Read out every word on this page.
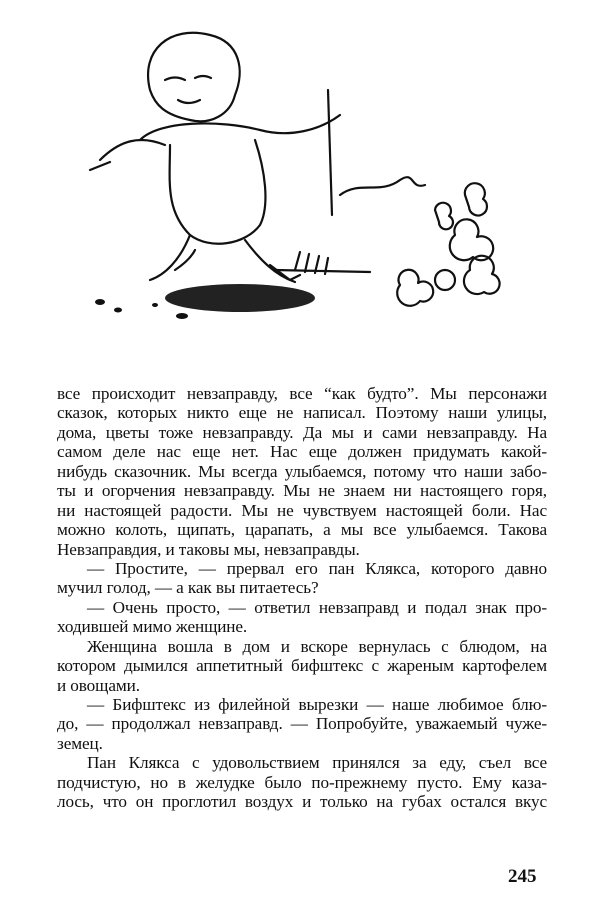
все происходит невзаправду, все “как будто”. Мы персонажи
сказок, которых никто еще не написал. Поэтому наши улицы,
дома, цветы тоже невзаправду. Да мы и сами невзаправду. На
самом деле нас еще нет. Нас еще должен придумать какой-
нибудь сказочник. Мы всегда улыбаемся, потому что наши забо-
ты и огорчения невзаправду. Мы не знаем ни настоящего горя,
ни настоящей радости. Мы не чувствуем настоящей боли. Нас
можно колоть, щипать, царапать, а мы все улыбаемся. Такова
Невзаправдия, и таковы мы, невзаправды.
— Простите, — прервал его пан Клякса, которого давно
мучил голод, — а как вы питаетесь?
— Очень просто, — ответил невзаправд и подал знак про-
ходившей мимо женщине.
Женщина вошла в дом и вскоре вернулась с блюдом, на
котором дымился аппетитный бифштекс с жареным картофелем
и овощами.
— Бифштекс из филейной вырезки — наше любимое блю-
до, — продолжал невзаправд. — Попробуйте, уважаемый чуже-
земец.
Пан Клякса с удовольствием принялся за еду, съел все
подчистую, но в желудке было по-прежнему пусто. Ему каза-
лось, что он проглотил воздух и только на губах остался вкус
245
